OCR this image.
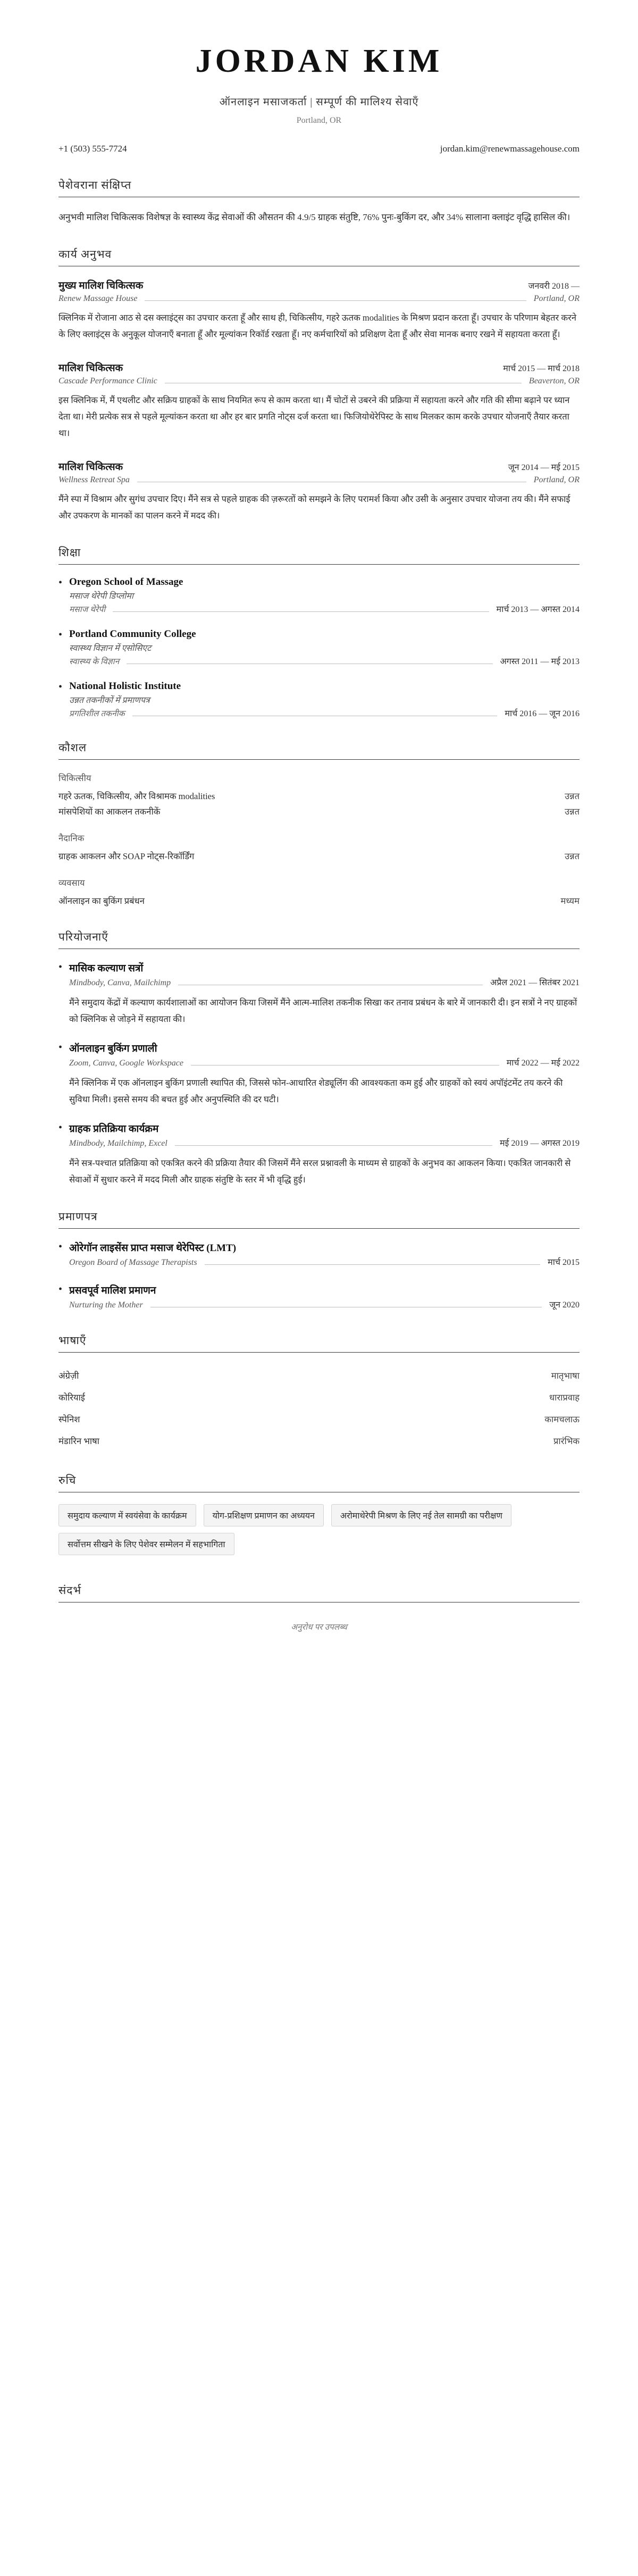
JORDAN KIM
ऑनलाइन मसाजकर्ता | सम्पूर्ण की मालिश्य सेवाएँ
Portland, OR
+1 (503) 555-7724	jordan.kim@renewmassagehouse.com
पेशेवराना संक्षिप्त
अनुभवी मालिश चिकित्सक विशेषज्ञ के स्वास्थ्य केंद्र सेवाओं की औसतन की 4.9/5 ग्राहक संतुष्टि, 76% पुनः-बुकिंग दर, और 34% सालाना क्लाइंट वृद्धि हासिल की।
कार्य अनुभव
मुख्य मालिश चिकित्सक	जनवरी 2018 —
Renew Massage House	Portland, OR
क्लिनिक में रोजाना आठ से दस क्लाइंट्स का उपचार करता हूँ और साथ ही, चिकित्सीय, गहरे ऊतक modalities के मिश्रण प्रदान करता हूँ। उपचार के परिणाम बेहतर करने के लिए क्लाइंट्स के अनुकूल योजनाएँ बनाता हूँ और मूल्यांकन रिकॉर्ड रखता हूँ। नए कर्मचारियों को प्रशिक्षण देता हूँ और सेवा मानक बनाए रखने में सहायता करता हूँ।
मालिश चिकित्सक	मार्च 2015 — मार्च 2018
Cascade Performance Clinic	Beaverton, OR
इस क्लिनिक में, मैं एथलीट और सक्रिय ग्राहकों के साथ नियमित रूप से काम करता था। मैं चोटों से उबरने की प्रक्रिया में सहायता करने और गति की सीमा बढ़ाने पर ध्यान देता था। मेरी प्रत्येक सत्र से पहले मूल्यांकन करता था और हर बार प्रगति नोट्स दर्ज करता था। फिजियोथेरेपिस्ट के साथ मिलकर काम करके उपचार योजनाएँ तैयार करता था।
मालिश चिकित्सक	जून 2014 — मई 2015
Wellness Retreat Spa	Portland, OR
मैंने स्पा में विश्राम और सुगंध उपचार दिए। मैंने सत्र से पहले ग्राहक की ज़रूरतों को समझने के लिए परामर्श किया और उसी के अनुसार उपचार योजना तय की। मैंने सफाई और उपकरण के मानकों का पालन करने में मदद की।
शिक्षा
• Oregon School of Massage
मसाज थेरेपी डिप्लोमा
मसाज थेरेपी	मार्च 2013 — अगस्त 2014
• Portland Community College
स्वास्थ्य विज्ञान में एसोसिएट
स्वास्थ्य के विज्ञान	अगस्त 2011 — मई 2013
• National Holistic Institute
उन्नत तकनीकों में प्रमाणपत्र
प्रगतिशील तकनीक	मार्च 2016 — जून 2016
कौशल
चिकित्सीय
गहरे ऊतक, चिकित्सीय, और विश्रामक modalities	उन्नत
मांसपेशियों का आकलन तकनीकें	उन्नत
नैदानिक
ग्राहक आकलन और SOAP नोट्स-रिकॉर्डिंग	उन्नत
व्यवसाय
ऑनलाइन का बुकिंग प्रबंधन	मध्यम
परियोजनाएँ
• मासिक कल्याण सत्रों
Mindbody, Canva, Mailchimp	अप्रैल 2021 — सितंबर 2021
मैंने समुदाय केंद्रों में कल्याण कार्यशालाओं का आयोजन किया जिसमें मैंने आत्म-मालिश तकनीक सिखा कर तनाव प्रबंधन के बारे में जानकारी दी। इन सत्रों ने नए ग्राहकों को क्लिनिक से जोड़ने में सहायता की।
• ऑनलाइन बुकिंग प्रणाली
Zoom, Canva, Google Workspace	मार्च 2022 — मई 2022
मैंने क्लिनिक में एक ऑनलाइन बुकिंग प्रणाली स्थापित की, जिससे फोन-आधारित शेड्यूलिंग की आवश्यकता कम हुई और ग्राहकों को स्वयं अपॉइंटमेंट तय करने की सुविधा मिली। इससे समय की बचत हुई और अनुपस्थिति की दर घटी।
• ग्राहक प्रतिक्रिया कार्यक्रम
Mindbody, Mailchimp, Excel	मई 2019 — अगस्त 2019
मैंने सत्र-पश्चात प्रतिक्रिया को एकत्रित करने की प्रक्रिया तैयार की जिसमें मैंने सरल प्रश्नावली के माध्यम से ग्राहकों के अनुभव का आकलन किया। एकत्रित जानकारी से सेवाओं में सुधार करने में मदद मिली और ग्राहक संतुष्टि के स्तर में भी वृद्धि हुई।
प्रमाणपत्र
• ओरेगॉन लाइसेंस प्राप्त मसाज थेरेपिस्ट (LMT)
Oregon Board of Massage Therapists	मार्च 2015
• प्रसवपूर्व मालिश प्रमाणन
Nurturing the Mother	जून 2020
भाषाएँ
अंग्रेज़ी	मातृभाषा
कोरियाई	धाराप्रवाह
स्पेनिश	कामचलाऊ
मंडारिन भाषा	प्रारंभिक
रुचि
समुदाय कल्याण में स्वयंसेवा के कार्यक्रम	योग-प्रशिक्षण प्रमाणन का अध्ययन	अरोमाथेरेपी मिश्रण के लिए नई तेल सामग्री का परीक्षण सर्वोत्तम सीखने के लिए पेशेवर सम्मेलन में सहभागिता
संदर्भ
अनुरोध पर उपलब्ध
